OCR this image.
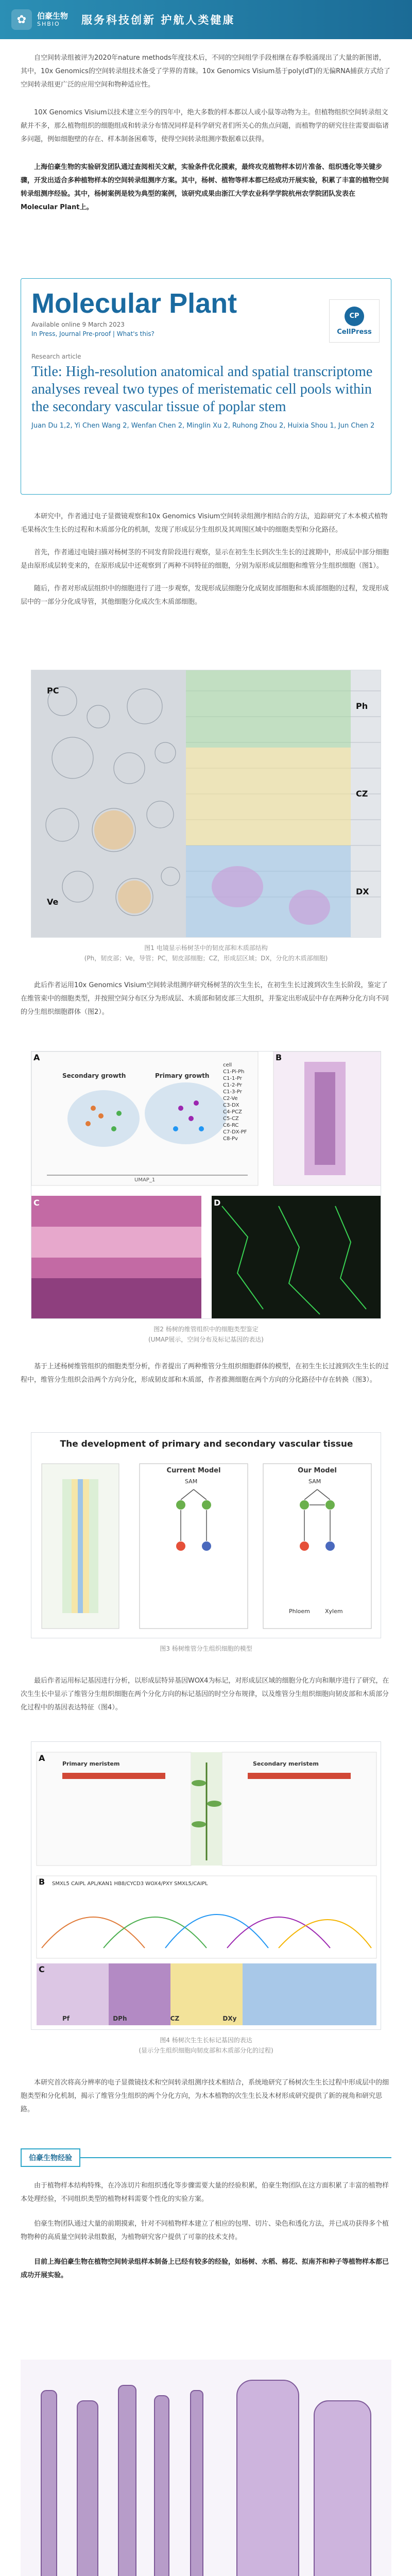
✿	伯豪生物
SHBIO	服务科技创新 护航人类健康

自空间转录组被评为2020年nature methods年度技术后，不同的空间组学手段相继在春季般涌现出了大量的新图谱，其中，10x Genomics的空间转录组技术备受了学界的青睐。10x Genomics Visium基于poly(dT)的无偏RNA捕获方式给了空间转录组更广泛的应用空间和物种适应性。

10X Genomics Visium以技术建立至今的四年中，绝大多数的样本都以人或小鼠等动物为主。但植物组织空间转录组文献并不多，那么植物组织的细胞组成和转录分布情况同样是科学研究者们所关心的焦点问题，而植物学的研究往往需要面临诸多问题，例如细胞壁的存在、样本制备困难等，使得空间转录组测序数据难以获得。

上海伯豪生物的实验研发团队通过查阅相关文献，实验条件优化摸索，最终攻克植物样本切片准备、组织透化等关键步骤，开发出适合多种植物样本的空间转录组测序方案。其中，杨树、植物等样本都已经成功开展实验，积累了丰富的植物空间转录组测序经验。其中，杨树案例是较为典型的案例，该研究成果由浙江大学农业科学学院杭州农学院团队发表在Molecular Plant上。

Molecular Plant
Available online 9 March 2023
In Press, Journal Pre-proof | What's this?
CP
CellPress
Research article
Title: High-resolution anatomical and spatial transcriptome analyses reveal two types of meristematic cell pools within the secondary vascular tissue of poplar stem
Juan Du 1,2, Yi Chen Wang 2, Wenfan Chen 2, Minglin Xu 2, Ruhong Zhou 2, Huixia Shou 1, Jun Chen 2

本研究中，作者通过电子显微镜观察和10x Genomics Visium空间转录组测序相结合的方法，追踪研究了木本模式植物 毛果杨次生生长的过程和木质部分化的机制，发现了形成层分生组织及其周围区域中的细胞类型和分化路径。

首先，作者通过电镜扫描对杨树茎的不同发育阶段进行观察，显示在初生生长到次生生长的过渡期中，形成层中部分细胞是由原形成层转变来的，在原形成层中还观察到了两种不同特征的细胞，分别为原形成层细胞和维管分生组织细胞（图1）。

随后，作者对形成层组织中的细胞进行了进一步观察，发现形成层细胞分化成韧皮部细胞和木质部细胞的过程，发现形成层中的一部分分化成导管，其他细胞分化成次生木质部细胞。

Ph
CZ
DX
Ve
PC
图1 电镜显示杨树茎中的韧皮部和木质部结构
(Ph，韧皮部；Ve，导管；PC，韧皮部细胞；CZ，形成层区域；DX，分化的木质部细胞)

此后作者运用10x Genomics Visium空间转录组测序研究杨树茎的次生生长，在初生生长过渡到次生生长阶段，鉴定了在维管束中的细胞类型，并按照空间分布区分为形成层、木质部和韧皮部三大组织，并鉴定出形成层中存在两种分化方向不同的分生组织细胞群体（图2）。

A	B
C	D
Secondary growth	Primary growth
UMAP_1
cell
C1-Pi-Ph
C1-1-Pr
C1-2-Pr
C1-3-Pr
C2-Ve
C3-DX
C4-PCZ
C5-CZ
C6-RC
C7-DX-PF
C8-Pv
图2 杨树的维管组织中的细胞类型鉴定
(UMAP展示，空间分布及标记基因的表达)

基于上述杨树维管组织的细胞类型分析，作者提出了两种维管分生组织细胞群体的模型，在初生生长过渡到次生生长的过程中，维管分生组织会沿两个方向分化，形成韧皮部和木质部，作者推测细胞在两个方向的分化路径中存在转换（图3）。

The development of primary and secondary vascular tissue
Current Model	Our Model
SAM	SAM
Phloem	Xylem
图3 杨树维管分生组织细胞的模型

最后作者运用标记基因进行分析，以形成层特异基因WOX4为标记，对形成层区域的细胞分化方向和顺序进行了研究，在次生生长中显示了维管分生组织细胞在两个分化方向的标记基因的时空分布规律，以及维管分生组织细胞向韧皮部和木质部分化过程中的基因表达特征（图4）。

A
B
C
Primary meristem	Secondary meristem
SMXL5 CAIPL APL/KAN1 HB8/CYCD3 WOX4/PXY SMXL5/CAIPL
Pf DPh CZ DXy
图4 杨树次生生长标记基因的表达
(显示分生组织细胞向韧皮部和木质部分化的过程)

本研究首次将高分辨率的电子显微镜技术和空间转录组测序技术相结合，系统地研究了杨树次生生长过程中形成层中的细胞类型和分化机制，揭示了维管分生组织的两个分化方向，为木本植物的次生生长及木材形成研究提供了新的视角和研究思路。

伯豪生物经验

由于植物样本结构特殊，在冷冻切片和组织透化等步骤需要大量的经验积累，伯豪生物团队在这方面积累了丰富的植物样本处理经验，不同组织类型的植物材料需要个性化的实验方案。

伯豪生物团队通过大量的前期摸索，针对不同植物样本建立了相应的包埋、切片、染色和透化方法，并已成功获得多个植物物种的高质量空间转录组数据，为植物研究客户提供了可靠的技术支持。

目前上海伯豪生物在植物空间转录组样本制备上已经有较多的经验，如杨树、水稻、棉花、拟南芥和种子等植物样本都已成功开展实验。
